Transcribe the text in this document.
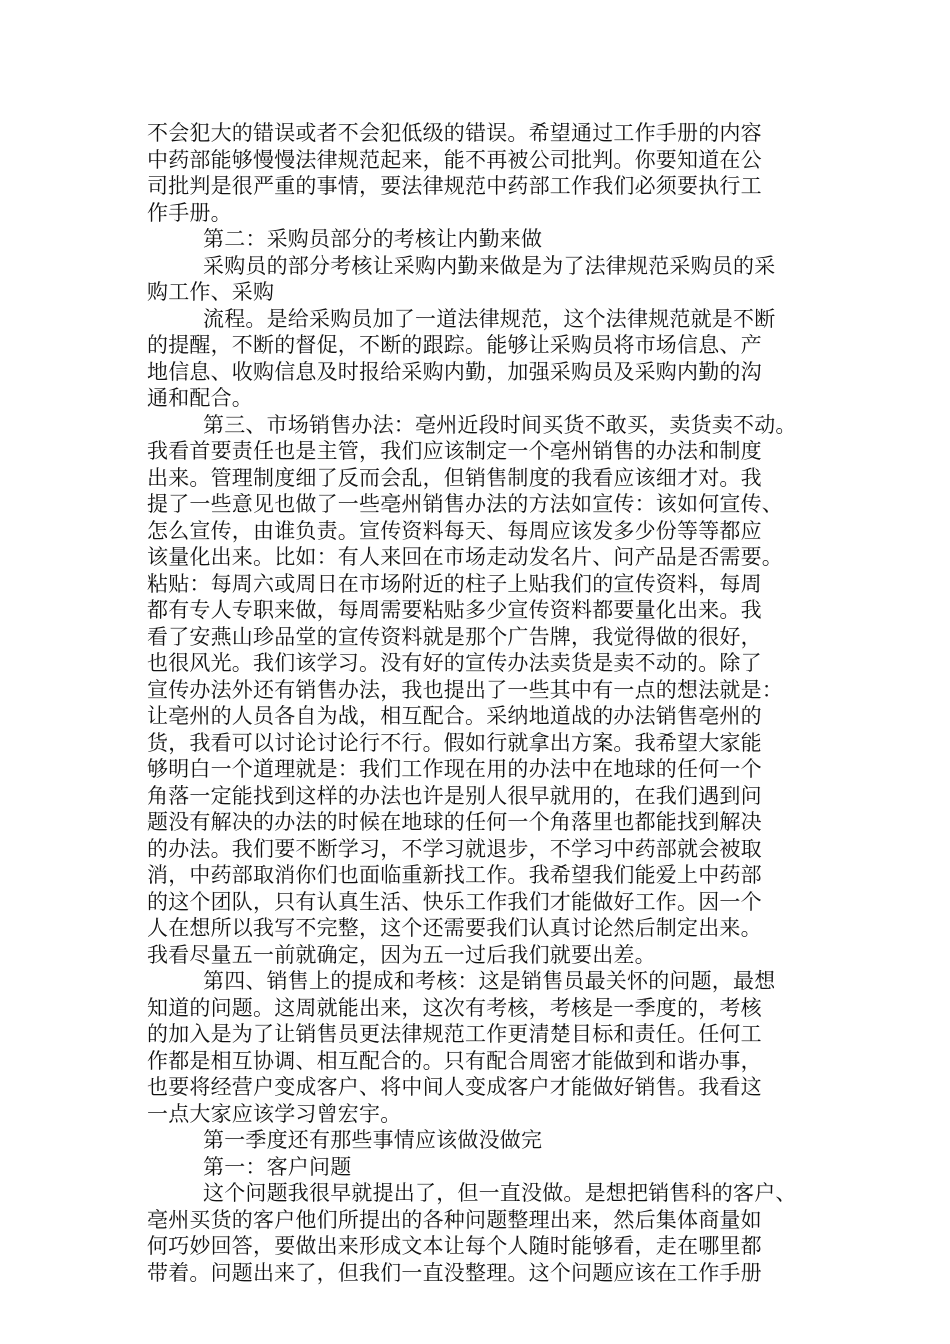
不会犯大的错误或者不会犯低级的错误。希望通过工作手册的内容
中药部能够慢慢法律规范起来，能不再被公司批判。你要知道在公
司批判是很严重的事情，要法律规范中药部工作我们必须要执行工
作手册。
第二：采购员部分的考核让内勤来做
采购员的部分考核让采购内勤来做是为了法律规范采购员的采
购工作、采购
流程。是给采购员加了一道法律规范，这个法律规范就是不断
的提醒，不断的督促，不断的跟踪。能够让采购员将市场信息、产
地信息、收购信息及时报给采购内勤，加强采购员及采购内勤的沟
通和配合。
第三、市场销售办法：亳州近段时间买货不敢买，卖货卖不动。
我看首要责任也是主管，我们应该制定一个亳州销售的办法和制度
出来。管理制度细了反而会乱，但销售制度的我看应该细才对。我
提了一些意见也做了一些亳州销售办法的方法如宣传：该如何宣传、
怎么宣传，由谁负责。宣传资料每天、每周应该发多少份等等都应
该量化出来。比如：有人来回在市场走动发名片、问产品是否需要。
粘贴：每周六或周日在市场附近的柱子上贴我们的宣传资料，每周
都有专人专职来做，每周需要粘贴多少宣传资料都要量化出来。我
看了安燕山珍品堂的宣传资料就是那个广告牌，我觉得做的很好，
也很风光。我们该学习。没有好的宣传办法卖货是卖不动的。除了
宣传办法外还有销售办法，我也提出了一些其中有一点的想法就是：
让亳州的人员各自为战，相互配合。采纳地道战的办法销售亳州的
货，我看可以讨论讨论行不行。假如行就拿出方案。我希望大家能
够明白一个道理就是：我们工作现在用的办法中在地球的任何一个
角落一定能找到这样的办法也许是别人很早就用的，在我们遇到问
题没有解决的办法的时候在地球的任何一个角落里也都能找到解决
的办法。我们要不断学习，不学习就退步，不学习中药部就会被取
消，中药部取消你们也面临重新找工作。我希望我们能爱上中药部
的这个团队，只有认真生活、快乐工作我们才能做好工作。因一个
人在想所以我写不完整，这个还需要我们认真讨论然后制定出来。
我看尽量五一前就确定，因为五一过后我们就要出差。
第四、销售上的提成和考核：这是销售员最关怀的问题，最想
知道的问题。这周就能出来，这次有考核，考核是一季度的，考核
的加入是为了让销售员更法律规范工作更清楚目标和责任。任何工
作都是相互协调、相互配合的。只有配合周密才能做到和谐办事，
也要将经营户变成客户、将中间人变成客户才能做好销售。我看这
一点大家应该学习曾宏宇。
第一季度还有那些事情应该做没做完
第一：客户问题
这个问题我很早就提出了，但一直没做。是想把销售科的客户、
亳州买货的客户他们所提出的各种问题整理出来，然后集体商量如
何巧妙回答，要做出来形成文本让每个人随时能够看，走在哪里都
带着。问题出来了，但我们一直没整理。这个问题应该在工作手册
